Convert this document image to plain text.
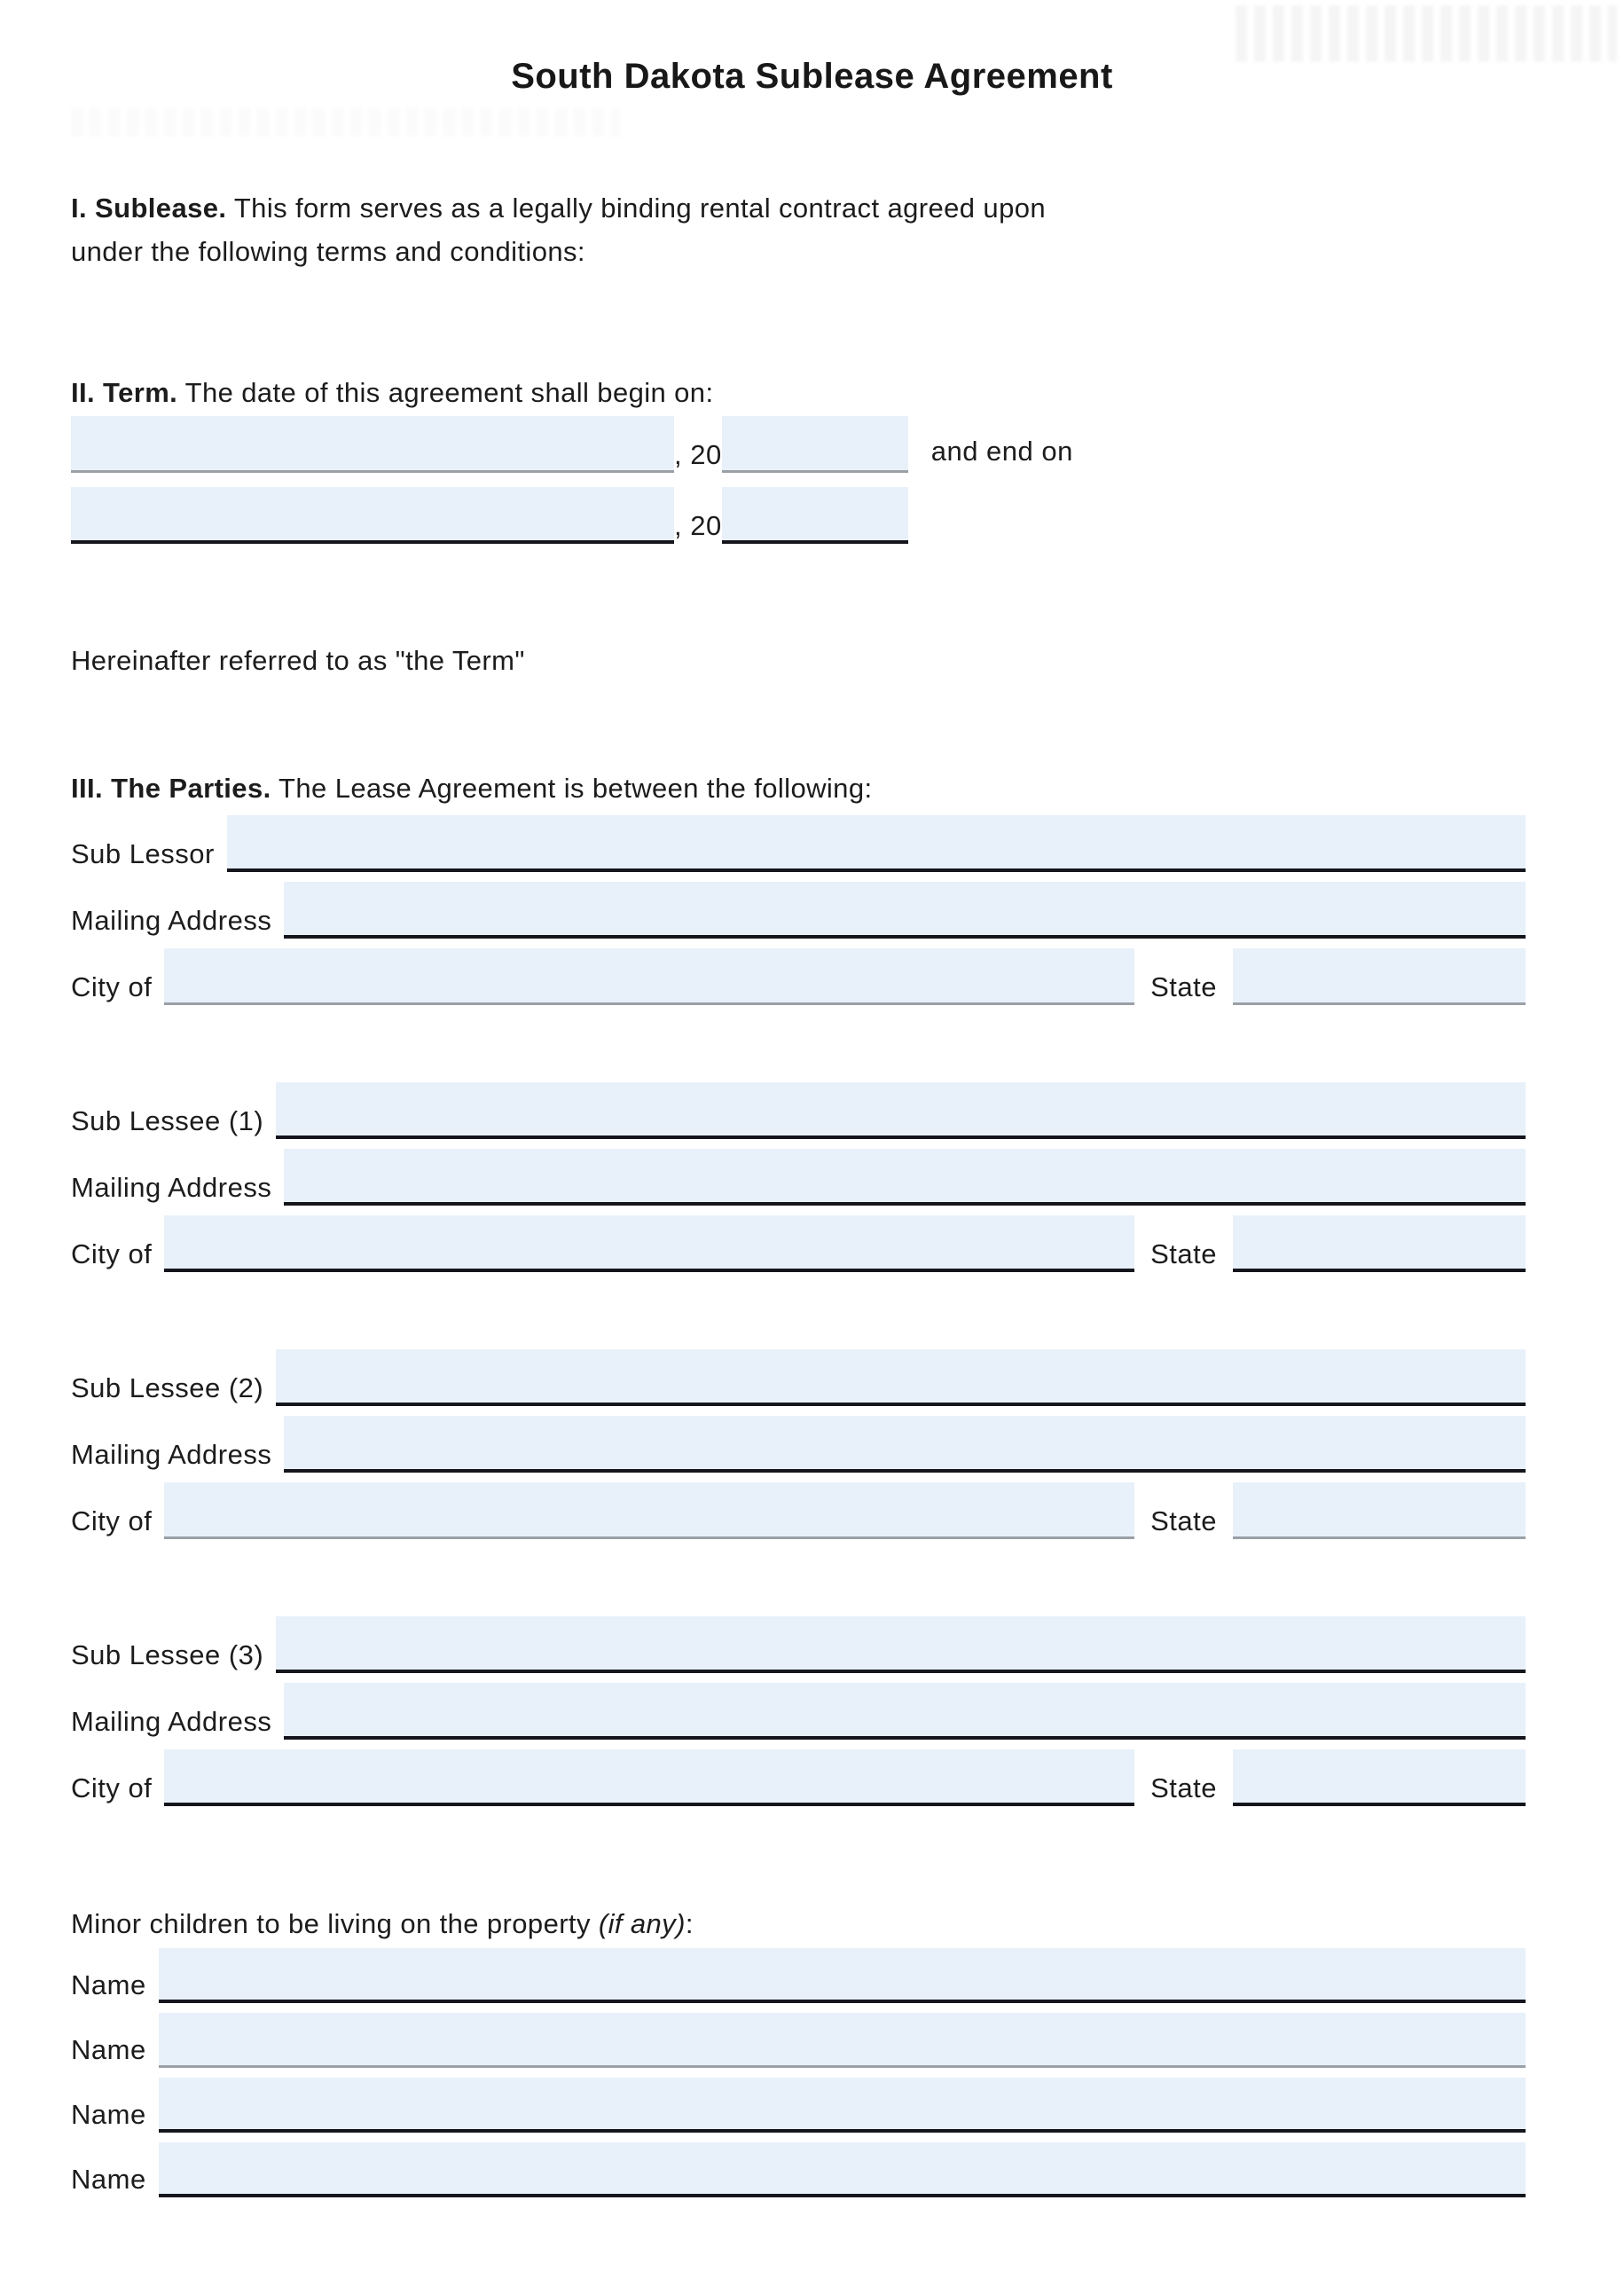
South Dakota Sublease Agreement
I. Sublease. This form serves as a legally binding rental contract agreed upon
under the following terms and conditions:
II. Term. The date of this agreement shall begin on:
, 20	and end on
, 20
Hereinafter referred to as "the Term"
III. The Parties. The Lease Agreement is between the following:
Sub Lessor
Mailing Address
City of	State
Sub Lessee (1)
Mailing Address
City of	State
Sub Lessee (2)
Mailing Address
City of	State
Sub Lessee (3)
Mailing Address
City of	State
Minor children to be living on the property (if any):
Name
Name
Name
Name
